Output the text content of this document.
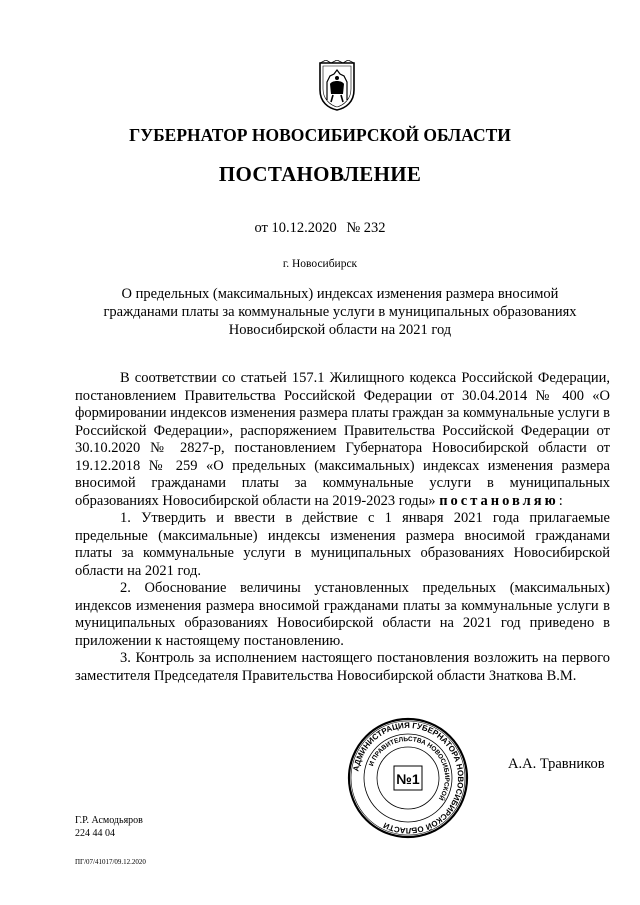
ГУБЕРНАТОР НОВОСИБИРСКОЙ ОБЛАСТИ
ПОСТАНОВЛЕНИЕ
от 10.12.2020 № 232
г. Новосибирск
О предельных (максимальных) индексах изменения размера вносимой
гражданами платы за коммунальные услуги в муниципальных образованиях
Новосибирской области на 2021 год

В соответствии со статьей 157.1 Жилищного кодекса Российской Федерации, постановлением Правительства Российской Федерации от 30.04.2014 № 400 «О формировании индексов изменения размера платы граждан за коммунальные услуги в Российской Федерации», распоряжением Правительства Российской Федерации от 30.10.2020 № 2827-р, постановлением Губернатора Новосибирской области от 19.12.2018 № 259 «О предельных (максимальных) индексах изменения размера вносимой гражданами платы за коммунальные услуги в муниципальных образованиях Новосибирской области на 2019-2023 годы» постановляю:

1. Утвердить и ввести в действие с 1 января 2021 года прилагаемые предельные (максимальные) индексы изменения размера вносимой гражданами платы за коммунальные услуги в муниципальных образованиях Новосибирской области на 2021 год.

2. Обоснование величины установленных предельных (максимальных) индексов изменения размера вносимой гражданами платы за коммунальные услуги в муниципальных образованиях Новосибирской области на 2021 год приведено в приложении к настоящему постановлению.

3. Контроль за исполнением настоящего постановления возложить на первого заместителя Председателя Правительства Новосибирской области Знаткова В.М.

АДМИНИСТРАЦИЯ ГУБЕРНАТОРА НОВОСИБИРСКОЙ ОБЛАСТИ
И ПРАВИТЕЛЬСТВА НОВОСИБИРСКОЙ
№1
А.А. Травников
Г.Р. Асмодьяров
224 44 04
ПГ/07/41017/09.12.2020
